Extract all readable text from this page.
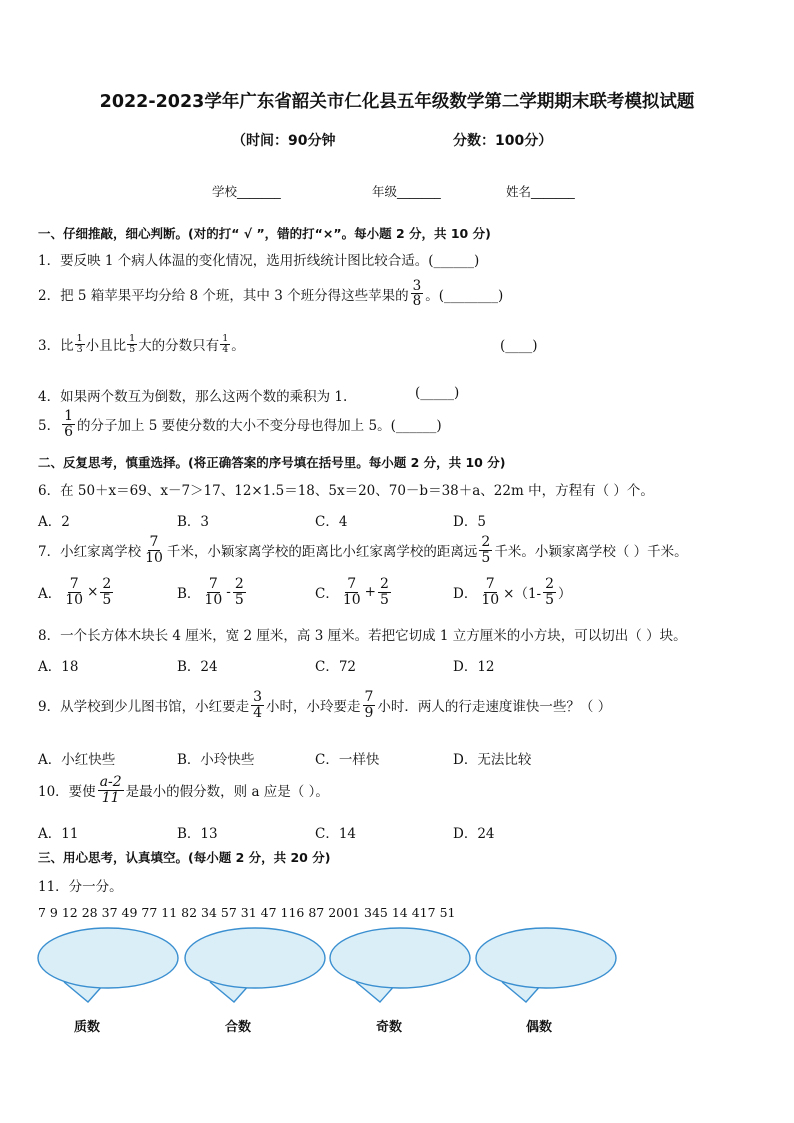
2022-2023学年广东省韶关市仁化县五年级数学第二学期期末联考模拟试题
（时间：90分钟	分数：100分）
学校_______	年级_______	姓名_______
一、仔细推敲，细心判断。(对的打“ √ ”，错的打“×”。每小题 2 分，共 10 分)
1．要反映 1 个病人体温的变化情况，选用折线统计图比较合适。(______)
2．把 5 箱苹果平均分给 8 个班，其中 3 个班分得这些苹果的 $\frac{3}{8}$ 。(________)
3．比 $\frac{1}{3}$ 小且比 $\frac{1}{5}$ 大的分数只有 $\frac{1}{4}$ 。	(____)
4．如果两个数互为倒数，那么这两个数的乘积为 1.	(_____)
5． $\frac{1}{6}$ 的分子加上 5 要使分数的大小不变分母也得加上 5。(______)
二、反复思考，慎重选择。(将正确答案的序号填在括号里。每小题 2 分，共 10 分)
6．在 50＋x＝69、x－7＞17、12×1.5＝18、5x＝20、70－b＝38＋a、22m 中，方程有（ ）个。
A．2	B．3	C．4	D．5
7．小红家离学校 $\frac{7}{10}$ 千米，小颖家离学校的距离比小红家离学校的距离远 $\frac{2}{5}$ 千米。小颖家离学校（ ）千米。
A． $\frac{7}{10} \times \frac{2}{5}$	B． $\frac{7}{10} - \frac{2}{5}$	C． $\frac{7}{10} + \frac{2}{5}$	D． $\frac{7}{10} \times(1- \frac{2}{5}$ ）
8．一个长方体木块长 4 厘米，宽 2 厘米，高 3 厘米。若把它切成 1 立方厘米的小方块，可以切出（ ）块。
A．18	B．24	C．72	D．12
9．从学校到少儿图书馆，小红要走 $\frac{3}{4}$ 小时，小玲要走 $\frac{7}{9}$ 小时．两人的行走速度谁快一些？（ ）
A．小红快些	B．小玲快些	C．一样快	D．无法比较
10．要使 $\frac{a-2}{11}$ 是最小的假分数，则 a 应是（ ）。
A．11	B．13	C．14	D．24
三、用心思考，认真填空。(每小题 2 分，共 20 分)
11．分一分。
7 9 12 28 37 49 77 11 82 34 57 31 47 116 87 2001 345 14 417 51
质数	合数	奇数	偶数
